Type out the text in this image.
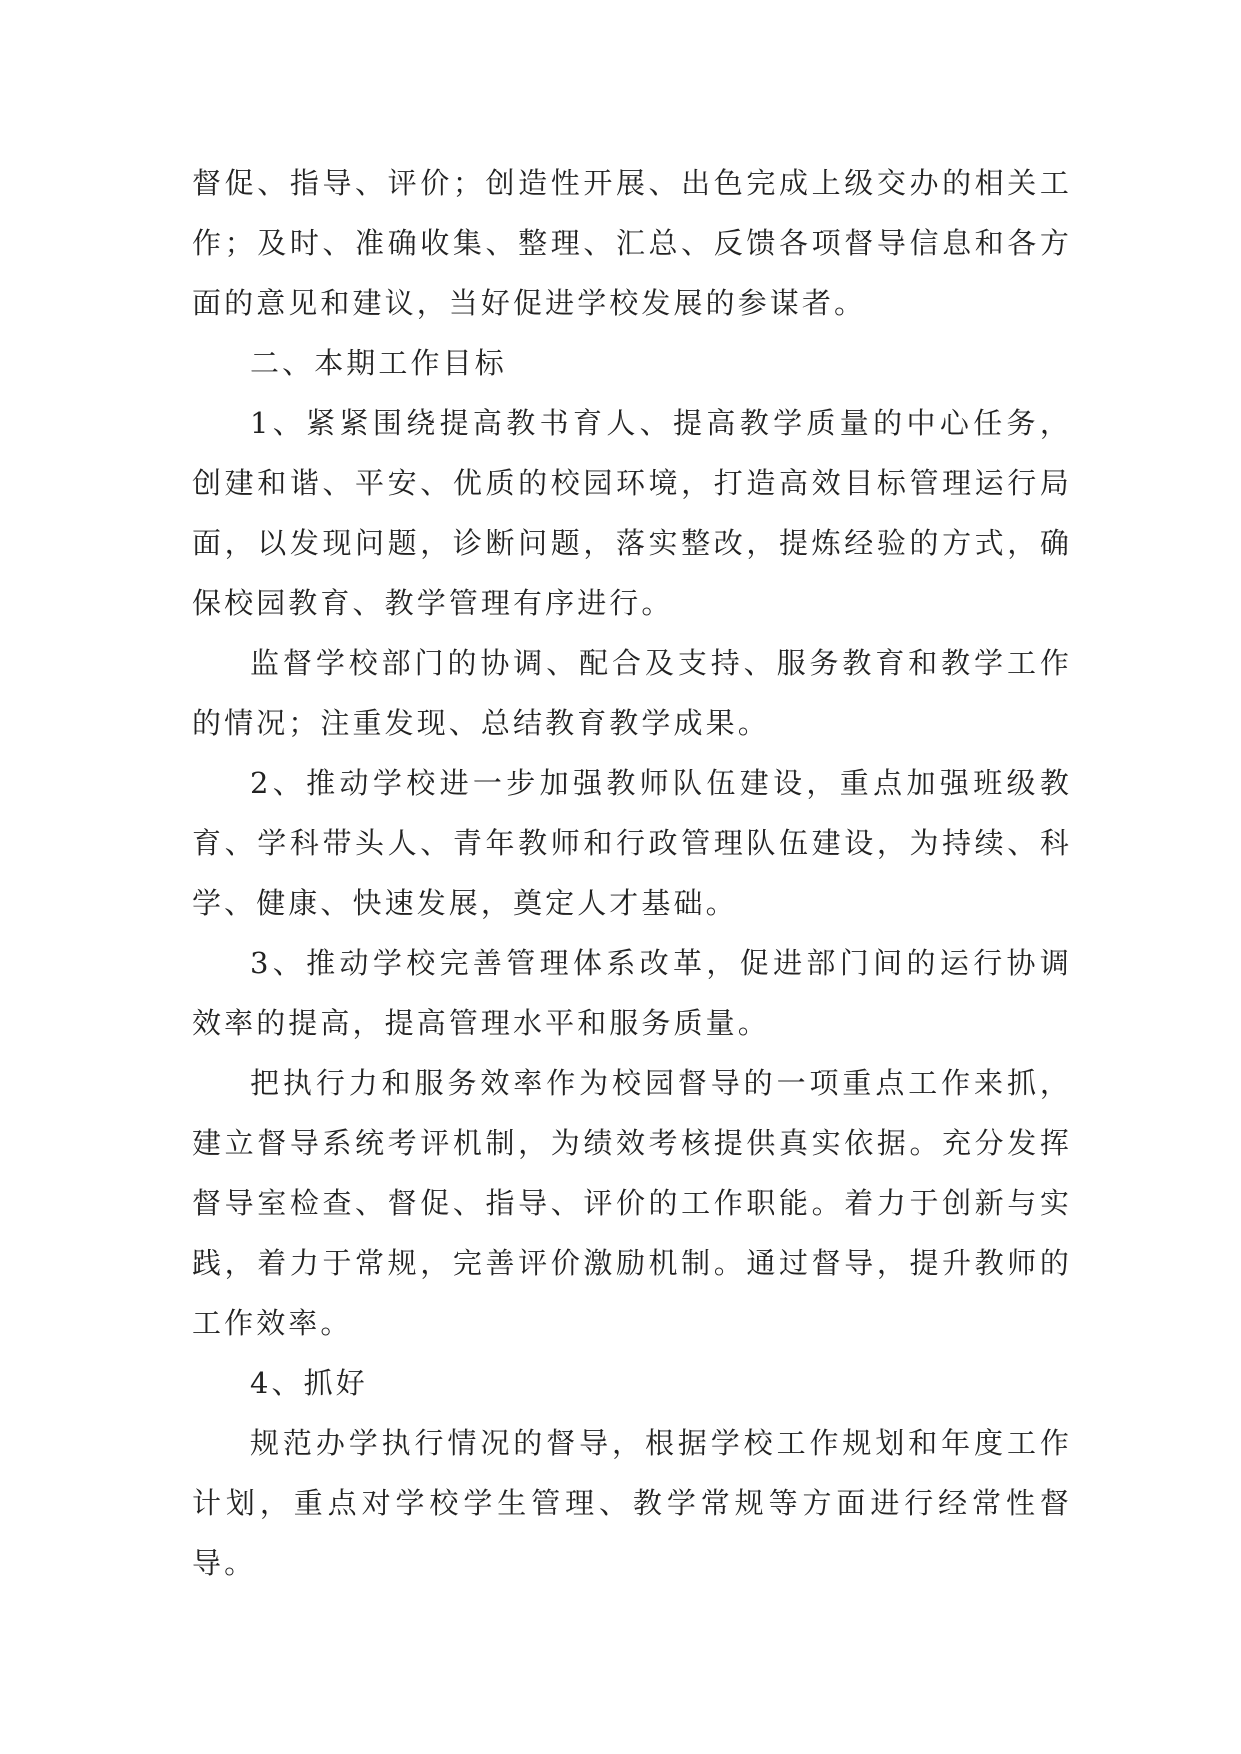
督促、指导、评价；创造性开展、出色完成上级交办的相关工作；及时、准确收集、整理、汇总、反馈各项督导信息和各方面的意见和建议，当好促进学校发展的参谋者。

二、本期工作目标

1、紧紧围绕提高教书育人、提高教学质量的中心任务，创建和谐、平安、优质的校园环境，打造高效目标管理运行局面，以发现问题，诊断问题，落实整改，提炼经验的方式，确保校园教育、教学管理有序进行。

监督学校部门的协调、配合及支持、服务教育和教学工作的情况；注重发现、总结教育教学成果。

2、推动学校进一步加强教师队伍建设，重点加强班级教育、学科带头人、青年教师和行政管理队伍建设，为持续、科学、健康、快速发展，奠定人才基础。

3、推动学校完善管理体系改革，促进部门间的运行协调效率的提高，提高管理水平和服务质量。

把执行力和服务效率作为校园督导的一项重点工作来抓，建立督导系统考评机制，为绩效考核提供真实依据。充分发挥督导室检查、督促、指导、评价的工作职能。着力于创新与实践，着力于常规，完善评价激励机制。通过督导，提升教师的工作效率。

4、抓好

规范办学执行情况的督导，根据学校工作规划和年度工作计划，重点对学校学生管理、教学常规等方面进行经常性督导。
